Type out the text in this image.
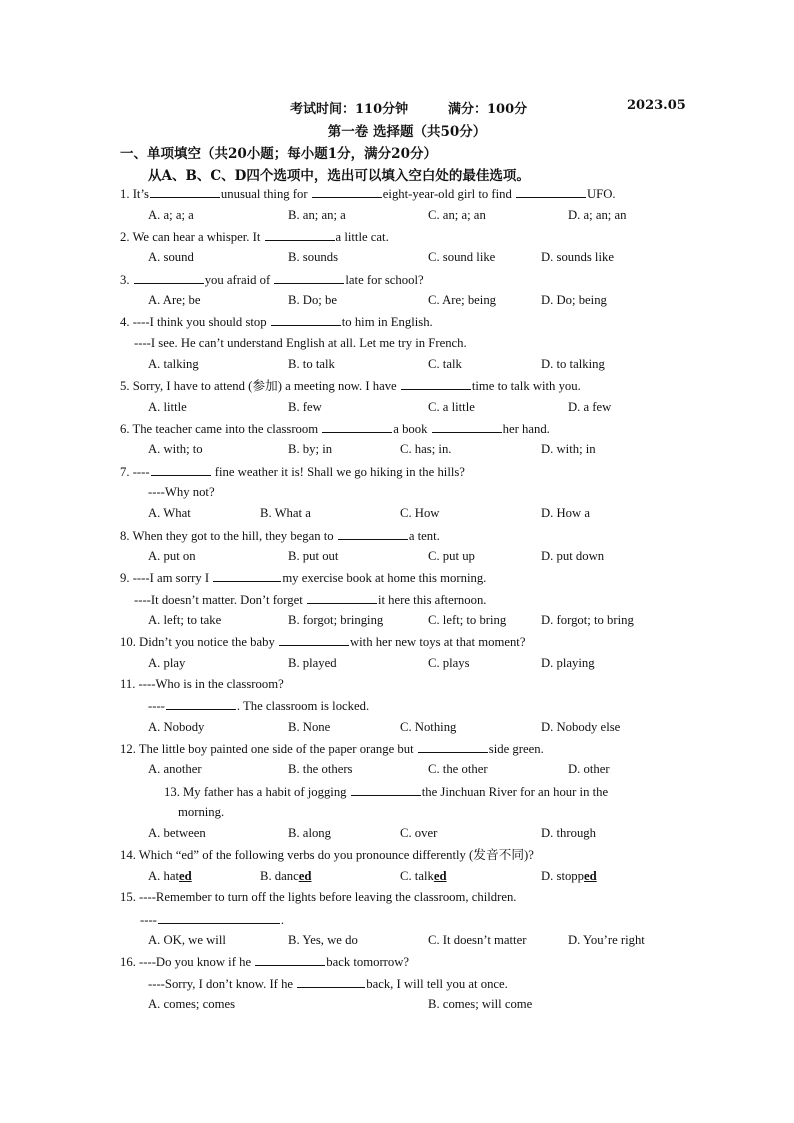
考试时间：110分钟	满分：100分	2023.05
第一卷 选择题（共50分）
一、单项填空（共20小题；每小题1分，满分20分）
从A、B、C、D四个选项中，选出可以填入空白处的最佳选项。
1. It’s	unusual thing for	eight-year-old girl to find	UFO.
A. a; a; a	B. an; an; a	C. an; a; an	D. a; an; an
2. We can hear a whisper. It	a little cat.
A. sound	B. sounds	C. sound like	D. sounds like
3.	you afraid of	late for school?
A. Are; be	B. Do; be	C. Are; being	D. Do; being
4. ----I think you should stop	to him in English.
----I see. He can’t understand English at all. Let me try in French.
A. talking	B. to talk	C. talk	D. to talking
5. Sorry, I have to attend (参加) a meeting now. I have	time to talk with you.
A. little	B. few	C. a little	D. a few
6. The teacher came into the classroom	a book	her hand.
A. with; to	B. by; in	C. has; in.	D. with; in
7. ----	fine weather it is! Shall we go hiking in the hills?
----Why not?
A. What	B. What a	C. How	D. How a
8. When they got to the hill, they began to	a tent.
A. put on	B. put out	C. put up	D. put down
9. ----I am sorry I	my exercise book at home this morning.
----It doesn’t matter. Don’t forget	it here this afternoon.
A. left; to take	B. forgot; bringing	C. left; to bring	D. forgot; to bring
10. Didn’t you notice the baby	with her new toys at that moment?
A. play	B. played	C. plays	D. playing
11. ----Who is in the classroom?
----	. The classroom is locked.
A. Nobody	B. None	C. Nothing	D. Nobody else
12. The little boy painted one side of the paper orange but	side green.
A. another	B. the others	C. the other	D. other
13. My father has a habit of jogging	the Jinchuan River for an hour in the
morning.
A. between	B. along	C. over	D. through
14. Which “ed” of the following verbs do you pronounce differently (发音不同)?
A. hated	B. danced	C. talked	D. stopped
15. ----Remember to turn off the lights before leaving the classroom, children.
----	.
A. OK, we will	B. Yes, we do	C. It doesn’t matter	D. You’re right
16. ----Do you know if he	back tomorrow?
----Sorry, I don’t know. If he	back, I will tell you at once.
A. comes; comes	B. comes; will come
